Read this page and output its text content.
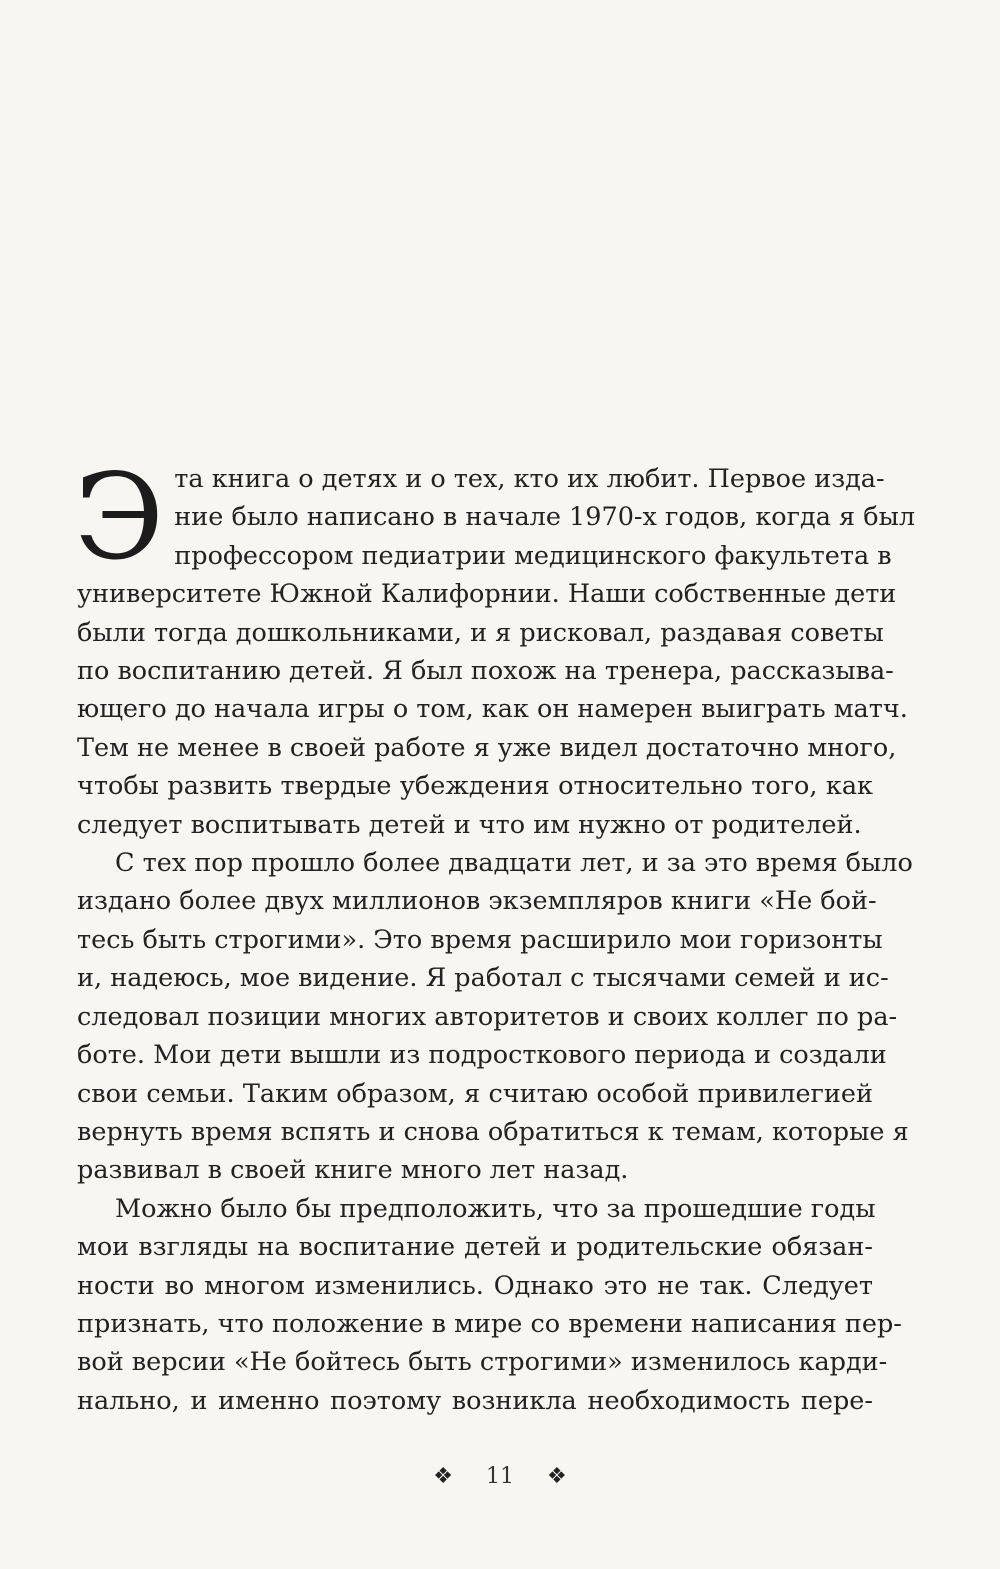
Э та книга о детях и о тех, кто их любит. Первое изда-
ние было написано в начале 1970-х годов, когда я был
профессором педиатрии медицинского факультета в
университете Южной Калифорнии. Наши собственные дети
были тогда дошкольниками, и я рисковал, раздавая советы
по воспитанию детей. Я был похож на тренера, рассказыва-
ющего до начала игры о том, как он намерен выиграть матч.
Тем не менее в своей работе я уже видел достаточно много,
чтобы развить твердые убеждения относительно того, как
следует воспитывать детей и что им нужно от родителей.
С тех пор прошло более двадцати лет, и за это время было
издано более двух миллионов экземпляров книги «Не бой-
тесь быть строгими». Это время расширило мои горизонты
и, надеюсь, мое видение. Я работал с тысячами семей и ис-
следовал позиции многих авторитетов и своих коллег по ра-
боте. Мои дети вышли из подросткового периода и создали
свои семьи. Таким образом, я считаю особой привилегией
вернуть время вспять и снова обратиться к темам, которые я
развивал в своей книге много лет назад.
Можно было бы предположить, что за прошедшие годы
мои взгляды на воспитание детей и родительские обязан-
ности во многом изменились. Однако это не так. Следует
признать, что положение в мире со времени написания пер-
вой версии «Не бойтесь быть строгими» изменилось карди-
нально, и именно поэтому возникла необходимость пере-
❖ 11 ❖
